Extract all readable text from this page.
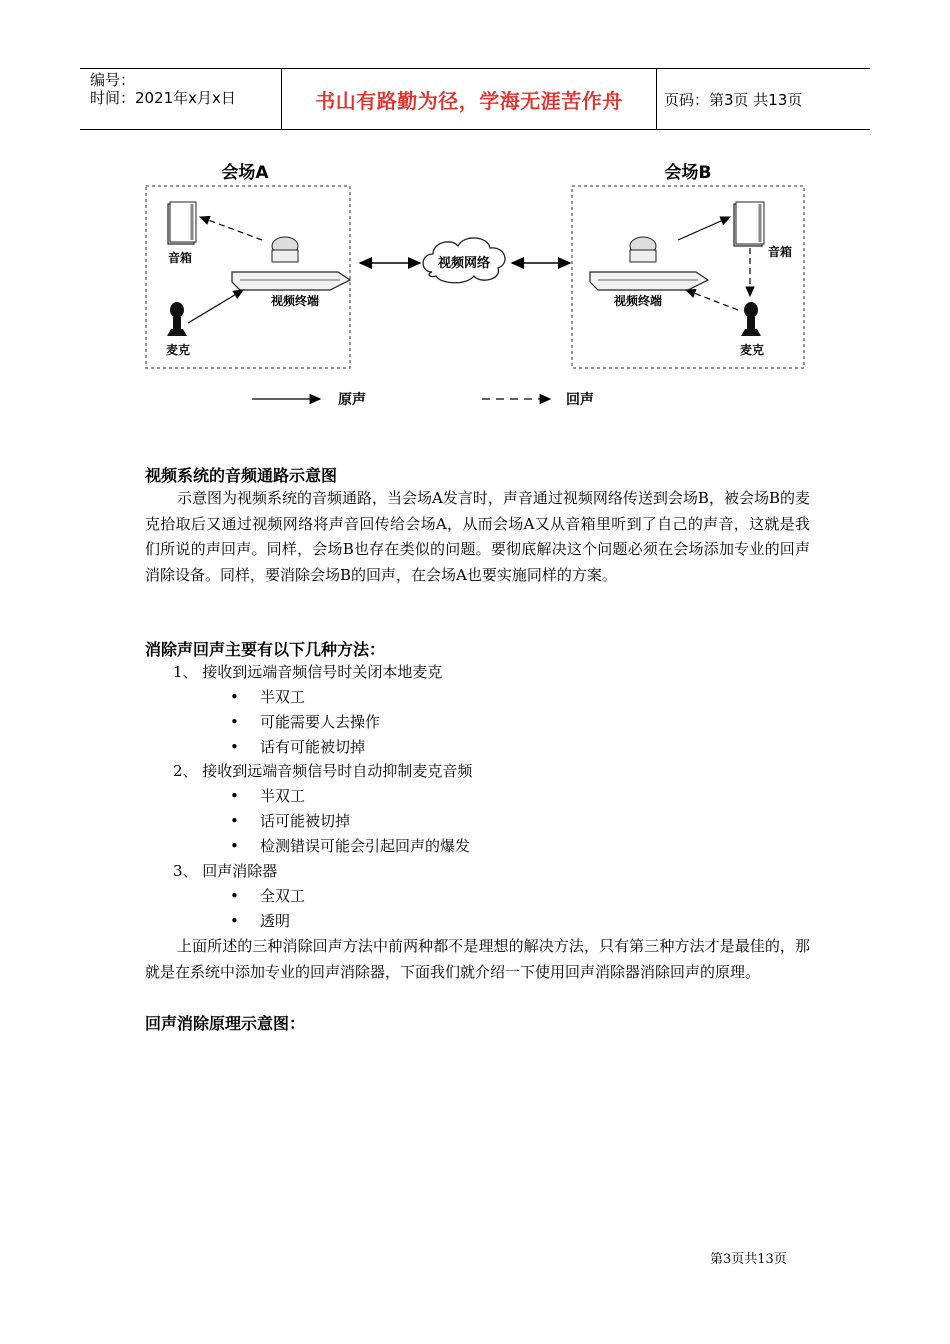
编号：
时间：2021年x月x日	书山有路勤为径，学海无涯苦作舟	页码：第3页 共13页
会场A
音箱
视频终端
麦克
视频网络
会场B
视频终端
音箱
麦克
原声	回声
视频系统的音频通路示意图
示意图为视频系统的音频通路，当会场A发言时，声音通过视频网络传送到会场B，被会场B的麦克拾取后又通过视频网络将声音回传给会场A，从而会场A又从音箱里听到了自己的声音，这就是我们所说的声回声。同样，会场B也存在类似的问题。要彻底解决这个问题必须在会场添加专业的回声消除设备。同样，要消除会场B的回声，在会场A也要实施同样的方案。
消除声回声主要有以下几种方法：
1、 接收到远端音频信号时关闭本地麦克
• 半双工
• 可能需要人去操作
• 话有可能被切掉
2、 接收到远端音频信号时自动抑制麦克音频
• 半双工
• 话可能被切掉
• 检测错误可能会引起回声的爆发
3、 回声消除器
• 全双工
• 透明
上面所述的三种消除回声方法中前两种都不是理想的解决方法，只有第三种方法才是最佳的，那就是在系统中添加专业的回声消除器，下面我们就介绍一下使用回声消除器消除回声的原理。
回声消除原理示意图：
第3页共13页
